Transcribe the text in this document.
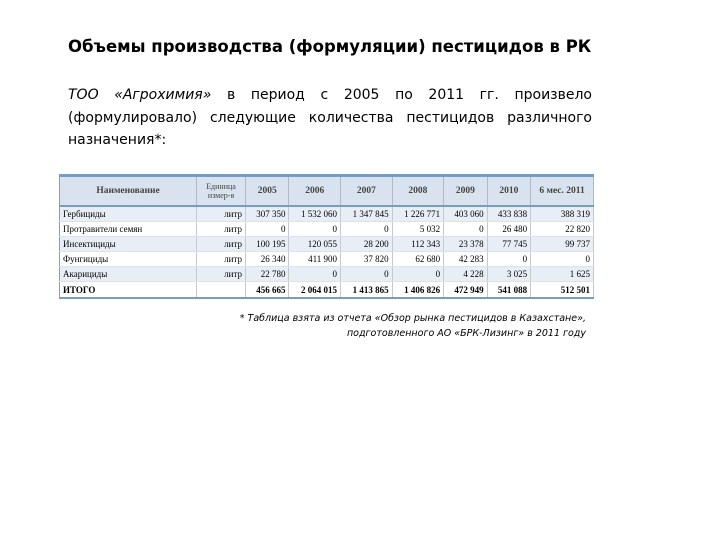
Объемы производства (формуляции) пестицидов в РК
ТОО «Агрохимия» в период с 2005 по 2011 гг. произвело (формулировало) следующие количества пестицидов различного назначения*:
Наименование	Единица измер-я	2005	2006	2007	2008	2009	2010	6 мес. 2011
Гербициды	литр	307 350	1 532 060	1 347 845	1 226 771	403 060	433 838	388 319
Протравители семян	литр	0	0	0	5 032	0	26 480	22 820
Инсектициды	литр	100 195	120 055	28 200	112 343	23 378	77 745	99 737
Фунгициды	литр	26 340	411 900	37 820	62 680	42 283	0	0
Акарициды	литр	22 780	0	0	0	4 228	3 025	1 625
ИТОГО		456 665	2 064 015	1 413 865	1 406 826	472 949	541 088	512 501
* Таблица взята из отчета «Обзор рынка пестицидов в Казахстане»,
подготовленного АО «БРК-Лизинг» в 2011 году
